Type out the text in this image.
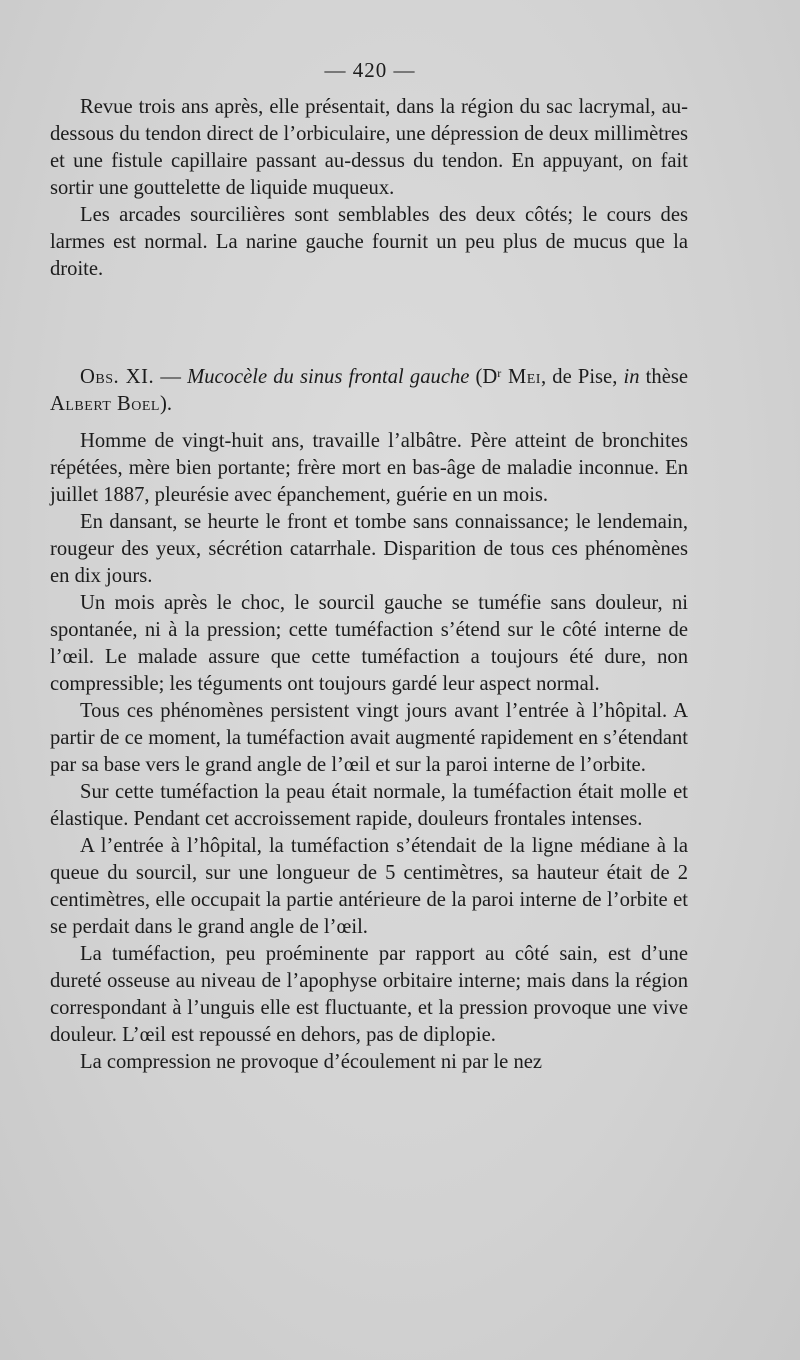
— 420 —

Revue trois ans après, elle présentait, dans la région du sac lacrymal, au-dessous du tendon direct de l’orbiculaire, une dépression de deux millimètres et une fistule capillaire passant au-dessus du tendon. En appuyant, on fait sortir une gouttelette de liquide muqueux.

Les arcades sourcilières sont semblables des deux côtés; le cours des larmes est normal. La narine gauche fournit un peu plus de mucus que la droite.

Obs. XI. — Mucocèle du sinus frontal gauche ($D^r$ Mei, de Pise, in thèse Albert Boel).

Homme de vingt-huit ans, travaille l’albâtre. Père atteint de bronchites répétées, mère bien portante; frère mort en bas-âge de maladie inconnue. En juillet 1887, pleurésie avec épanchement, guérie en un mois.

En dansant, se heurte le front et tombe sans connaissance; le lendemain, rougeur des yeux, sécrétion catarrhale. Disparition de tous ces phénomènes en dix jours.

Un mois après le choc, le sourcil gauche se tuméfie sans douleur, ni spontanée, ni à la pression; cette tuméfaction s’étend sur le côté interne de l’œil. Le malade assure que cette tuméfaction a toujours été dure, non compressible; les téguments ont toujours gardé leur aspect normal.

Tous ces phénomènes persistent vingt jours avant l’entrée à l’hôpital. A partir de ce moment, la tuméfaction avait augmenté rapidement en s’étendant par sa base vers le grand angle de l’œil et sur la paroi interne de l’orbite.

Sur cette tuméfaction la peau était normale, la tuméfaction était molle et élastique. Pendant cet accroissement rapide, douleurs frontales intenses.

A l’entrée à l’hôpital, la tuméfaction s’étendait de la ligne médiane à la queue du sourcil, sur une longueur de 5 centimètres, sa hauteur était de 2 centimètres, elle occupait la partie antérieure de la paroi interne de l’orbite et se perdait dans le grand angle de l’œil.

La tuméfaction, peu proéminente par rapport au côté sain, est d’une dureté osseuse au niveau de l’apophyse orbitaire interne; mais dans la région correspondant à l’unguis elle est fluctuante, et la pression provoque une vive douleur. L’œil est repoussé en dehors, pas de diplopie.

La compression ne provoque d’écoulement ni par le nez
